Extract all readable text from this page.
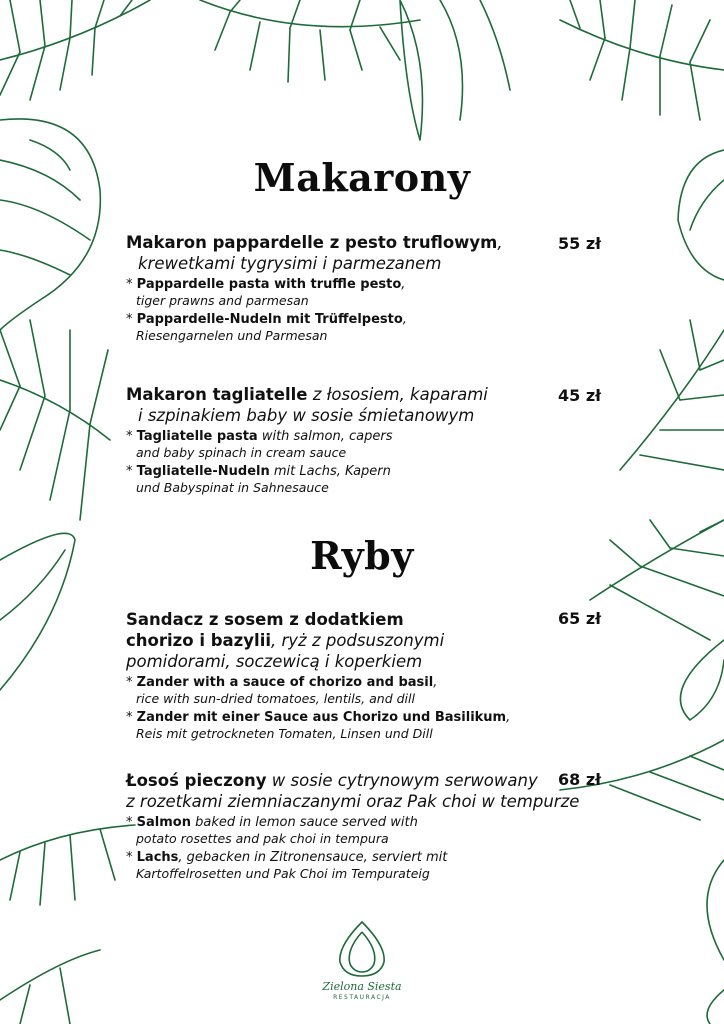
Makarony
Makaron pappardelle z pesto truflowym,
krewetkami tygrysimi i parmezanem
* Pappardelle pasta with truffle pesto,
tiger prawns and parmesan
* Pappardelle-Nudeln mit Trüffelpesto,
Riesengarnelen und Parmesan
55 zł
Makaron tagliatelle z łososiem, kaparami
i szpinakiem baby w sosie śmietanowym
* Tagliatelle pasta with salmon, capers
and baby spinach in cream sauce
* Tagliatelle-Nudeln mit Lachs, Kapern
und Babyspinat in Sahnesauce
45 zł
Ryby
Sandacz z sosem z dodatkiem
chorizo i bazylii, ryż z podsuszonymi
pomidorami, soczewicą i koperkiem
* Zander with a sauce of chorizo and basil,
rice with sun-dried tomatoes, lentils, and dill
* Zander mit einer Sauce aus Chorizo und Basilikum,
Reis mit getrockneten Tomaten, Linsen und Dill
65 zł
Łosoś pieczony w sosie cytrynowym serwowany
z rozetkami ziemniaczanymi oraz Pak choi w tempurze
* Salmon baked in lemon sauce served with
potato rosettes and pak choi in tempura
* Lachs, gebacken in Zitronensauce, serviert mit
Kartoffelrosetten und Pak Choi im Tempurateig
68 zł
Zielona Siesta
RESTAURACJA
